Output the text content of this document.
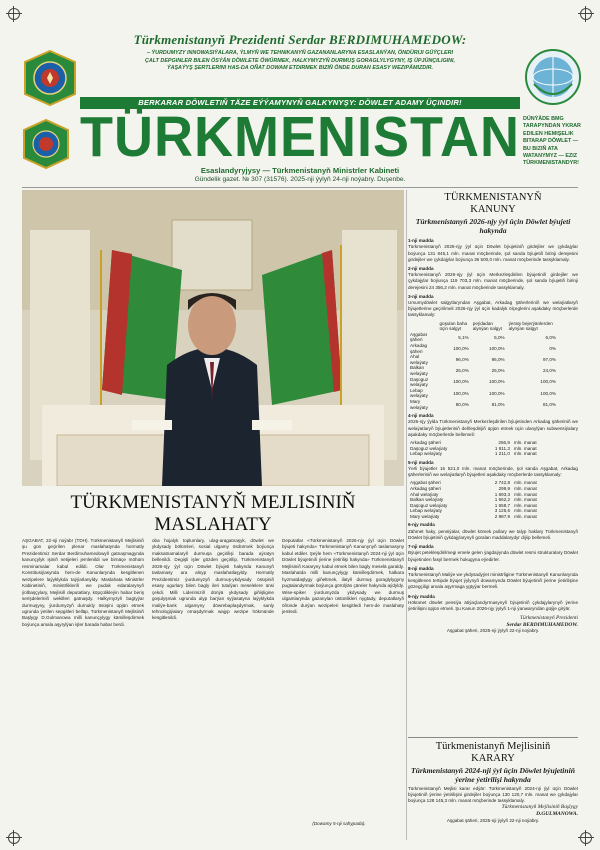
Türkmenistanyň Prezidenti Serdar BERDIMUHAMEDOW:
– ÝURDUMYZY INNOWASIÝALARA, ÝLMYŇ WE TEHNIKANYŇ GAZANANLARYNA ESASLANÝAN, ÖNDÜRIJI GÜÝÇLERI
ÇALT DEPGINLER BILEN ÖSÝÄN DÖWLETE ÖWÜRMEK, HALKYMYZYŇ DURMUŞ GORAGLYLYGYNY, IŞ ÜPJÜNÇILIGINI,
ÝAŞAÝYŞ ŞERTLERINI HAS-DA OÑAT DOWAM ETDIRMEK BIZIŇ ÖNDE DURAN ESASY WEZIPÄMIZDIR.
BERKARAR DÖWLETIŇ TÄZE EÝÝAMYNYŇ GALKYNYŞY: DÖWLET ADAMY ÜÇINDIR!
TÜRKMENISTAN DÜNÝÄDE BMG
TARAPYNDAN YKRAR
EDILEN HEMIŞELIK
BITARAP DÖWLET —
BU BIZIŇ ATA
WATANYMYZ — EZIZ
TÜRKMENISTANDYR!
Esaslandyryjysy — Türkmenistanyň Ministrler Kabineti
Gündelik gazet. № 307 (31576). 2025-nji ýylyň 24-nji noýabry. Duşenbe.
TÜRKMENISTANYŇ MEJLISINIŇ
MASLAHATY
AŞGABAT, 22-nji noýabr (TDH). Türkmenistanyň Mejlisiniň şu gün geçirilen plenar maslahatynda hormatly Prezidentimiz Serdar Berdimuhamedowyň gatnaşmagynda kanunçylyk işiniň netijeleri jemlenildi we birnäçe möhüm resminamalar kabul edildi. Olar Türkmenistanyň Konstitusiýasynda hem-de Kanunlarynda kesgitlenen wezipelere laýyklykda taýýarlanyldy. Maslahata Ministrler Kabinetiniň, ministrlikleriň we pudak edaralarynyň ýolbaşçylary, Mejlisiň deputatlary, köpçülikleýin habar beriş serişdeleriniň wekilleri gatnaşdy. Halkymyzyň bagtyýar durmuşyny, ýurdumyzyň durnukly ösüşini üpjün etmek ugrunda ýetilen sepgitleri belläp, Türkmenistanyň Mejlisiniň Başlygy D.Gulmanowa milli kanunçylygy kämilleşdirmek boýunça amala aşyrylýan işler barada habar berdi.
oba hojalyk toplumlary, ulag-aragatnaşyk, döwlet we ykdysady bölümleri, sosial ulgamy ösdürmek boýunça maksatnamalaryň durmuşa geçirilişi barada aýratyn bellenildi. Degişli işler gözden geçirilip, Türkmenistanyň 2026-njy ýyl üçin Döwlet býujeti hakynda Kanunyň taslamasy ara alnyp maslahatlaşyldy. Hormatly Prezidentimiz ýurdumyzyň durmuş-ykdysady ösüşiniň esasy ugurlary bilen bagly ileri tutulýan meselelere ünsi çekdi. Milli Liderimiziň dünýä ykdysady giňişligine goşulyşmak ugrunda alyp barýan syýasatyna laýyklykda maliýe-bank ulgamyny döwrebaplaşdyrmak, sanly tehnologiýalary ornaşdyrmak wajyp wezipe hökmünde kesgitlenildi.
Deputatlar «Türkmenistanyň 2026-njy ýyl üçin Döwlet býujeti hakynda» Türkmenistanyň Kanunynyň taslamasyny kabul etdiler. Şeýle hem «Türkmenistanyň 2024-nji ýyl üçin Döwlet býujetiniň ýerine ýetirilişi hakynda» Türkmenistanyň Mejlisiniň Kararyny kabul etmek bilen bagly meselä garaldy. Maslahatda milli kanunçylygy kämilleşdirmek, halkara hyzmatdaşlygy giňeltmek, ilatyň durmuş goraglylygyny pugtalandyrmak boýunça görülýän çäreler hakynda aýdyldy. Wise-spiker ýurdumyzda ykdysady we durmuş ulgamlarynda gazanylan üstünlikleri nygtady, deputatlaryň öňünde durýan wezipeleri kesgitledi hem-de maslahaty jemledi.
(Dowamy 5-nji sahypada).
TÜRKMENISTANYŇ
KANUNY
Türkmenistanyň 2026-njy ýyl üçin Döwlet býujeti hakynda
1-nji madda
Türkmenistanyň 2026-njy ýyl üçin Döwlet býujetiniň girdejiler we çykdajylar boýunça 131 845,1 mln. manat möçberinde, şol sanda býujetiň birinji derejesini girdejiler we çykdajylar boýunça 36 500,0 mln. manat möçberinde tassyklamaly.
2-nji madda
Türkmenistanyň 2026-njy ýyl üçin Merkezleşdirilen býujetiniň girdejiler we çykdajylar boýunça 119 703,3 mln. manat möçberinde, şol sanda býujetiň birinji derejesini 24 356,2 mln. manat möçberinde tassyklamaly.
3-nji madda
Umumydöwlet salgytlaryndan Aşgabat, Arkadag şäherleriniň we welaýatlaryň býujetlerine geçirilmeli 2026-njy ýyl üçin kadalyk ölçeglerini aşakdaky möçberlerde tassyklamaly:
	goşulan baha üçin salgyt	peýdadan alynýan salgyt	ýeraty bejerýänlerden alynýan salgyt
Aşgabat şäheri	5,1%	5,0%	6,0%
Arkadag şäheri	100,0%	100,0%	0%
Ahal welaýaty	96,0%	96,0%	97,0%
Balkan welaýaty	25,0%	25,0%	24,0%
Daşoguz welaýaty	100,0%	100,0%	100,0%
Lebap welaýaty	100,0%	100,0%	100,0%
Mary welaýaty	80,0%	81,0%	81,0%
4-nji madda
2026-njy ýylda Türkmenistanyň Merkezleşdirilen býujetinden Arkadag şäheriniň we welaýatlaryň býujetleriniň deňleşdirijiň üpjün etmek üçin ulanylýan subwensiýalary aşakdaky möçberlerde bellemeli:
Arkadag şäheri	256,9	mln. manat
Daşoguz welaýaty	1 911,3	mln. manat
Lebap welaýaty	1 211,0	mln. manat
5-nji madda
Ýerli býujetler 15 521,0 mln. manat möçberinde, şol sanda Aşgabat, Arkadag şäherleriniň we welaýatlaryň býujetleri aşakdaky möçberlerde tassyklamaly:
Aşgabat şäheri	2 742,8	mln. manat
Arkadag şäheri	299,9	mln. manat
Ahal welaýaty	1 693,3	mln. manat
Balkan welaýaty	1 662,2	mln. manat
Daşoguz welaýaty	1 658,7	mln. manat
Lebap welaýaty	3 125,6	mln. manat
Mary welaýaty	2 987,9	mln. manat
6-njy madda
Zähmet haky, pensiýalar, döwlet kömek pullary we talyp haklary Türkmenistanyň Döwlet býujetiniň çykdajylarynyň goralan maddalarydyr diýip bellemeli.
7-nji madda
Býujet petekleşdirilmegi emele gelen ýagdaýynda döwlet resmi strukturalary Döwlet býujetinden fasyl bermek hukugyna eýedirler.
8-nji madda
Türkmenistanyň Maliýe we ykdysadyýet ministrligine Türkmenistanyň Kanunlarynda kesgitlenen tertipde býujet ýylynyň dowamynda Döwlet býujetiniň ýerine ýetirilişine gözegçiligi amala aşyrmaga ygtyýar bermeli.
9-njy madda
Hökümet döwlet pensiýa ätiýaçlandyrmasynyň býujetiniň çykdajylarynyň ýerine ýetirilişini üpjün etmeli. Şu Kanun 2026-njy ýylyň 1-nji ýanwaryndan güýje girýär.
Türkmenistanyň Prezidenti
Serdar BERDIMUHAMEDOW.
Aşgabat şäheri, 2025-nji ýylyň 22-nji noýabry.
Türkmenistanyň Mejlisiniň
KARARY
Türkmenistanyň 2024-nji ýyl üçin Döwlet býujetiniň ýerine ýetirilişi hakynda
Türkmenistanyň Mejlisi karar edýär: Türkmenistanyň 2024-nji ýyl üçin Döwlet býujetiniň ýerine ýetirilişini girdejiler boýunça 130 120,7 mln. manat we çykdajylar boýunça 128 145,3 mln. manat möçberinde tassyklamaly.
Türkmenistanyň Mejlisiniň Başlygy
D.GULMANOWA.
Aşgabat şäheri, 2025-nji ýylyň 22-nji noýabry.
